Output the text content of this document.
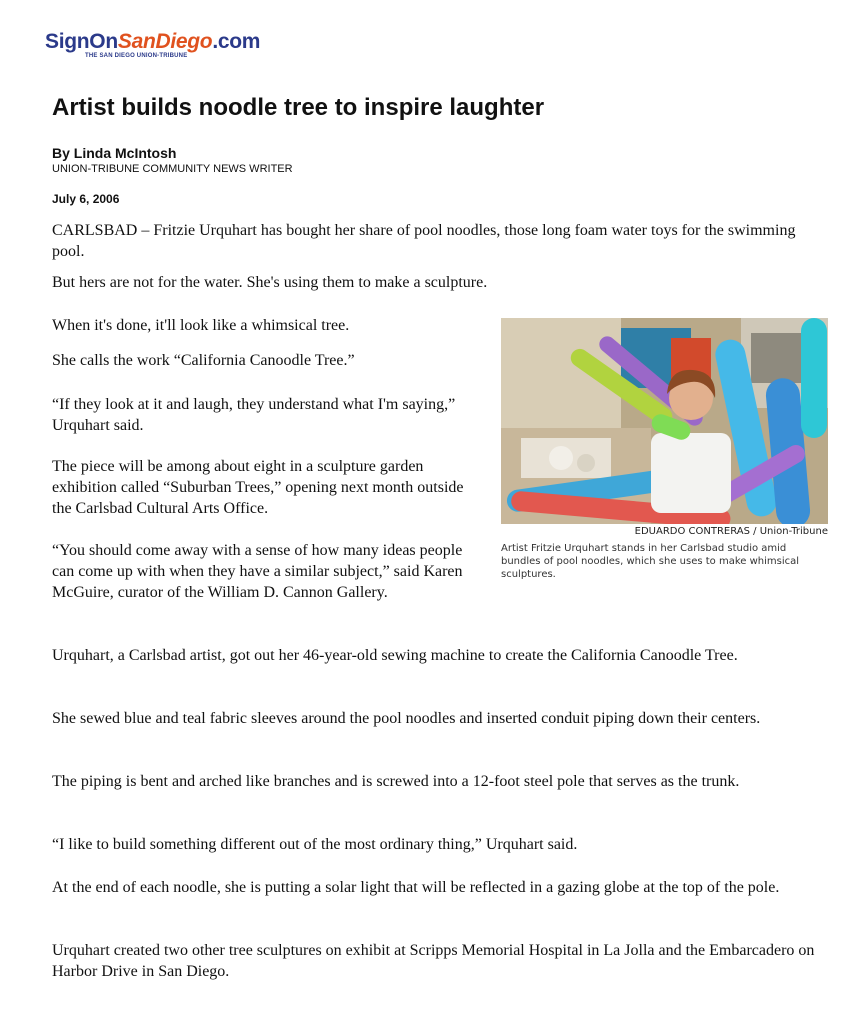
SignOnSanDiego.com
THE SAN DIEGO UNION-TRIBUNE
Artist builds noodle tree to inspire laughter
By Linda McIntosh
UNION-TRIBUNE COMMUNITY NEWS WRITER
July 6, 2006

CARLSBAD – Fritzie Urquhart has bought her share of pool noodles, those long foam water toys for the swimming pool.

But hers are not for the water. She's using them to make a sculpture.

When it's done, it'll look like a whimsical tree.

She calls the work “California Canoodle Tree.”

“If they look at it and laugh, they understand what I'm saying,” Urquhart said.

The piece will be among about eight in a sculpture garden exhibition called “Suburban Trees,” opening next month outside the Carlsbad Cultural Arts Office.

“You should come away with a sense of how many ideas people can come up with when they have a similar subject,” said Karen McGuire, curator of the William D. Cannon Gallery.

Urquhart, a Carlsbad artist, got out her 46-year-old sewing machine to create the California Canoodle Tree.

She sewed blue and teal fabric sleeves around the pool noodles and inserted conduit piping down their centers.

The piping is bent and arched like branches and is screwed into a 12-foot steel pole that serves as the trunk.

“I like to build something different out of the most ordinary thing,” Urquhart said.

At the end of each noodle, she is putting a solar light that will be reflected in a gazing globe at the top of the pole.

Urquhart created two other tree sculptures on exhibit at Scripps Memorial Hospital in La Jolla and the Embarcadero on Harbor Drive in San Diego.

EDUARDO CONTRERAS / Union-Tribune

Artist Fritzie Urquhart stands in her Carlsbad studio amid bundles of pool noodles, which she uses to make whimsical sculptures.
